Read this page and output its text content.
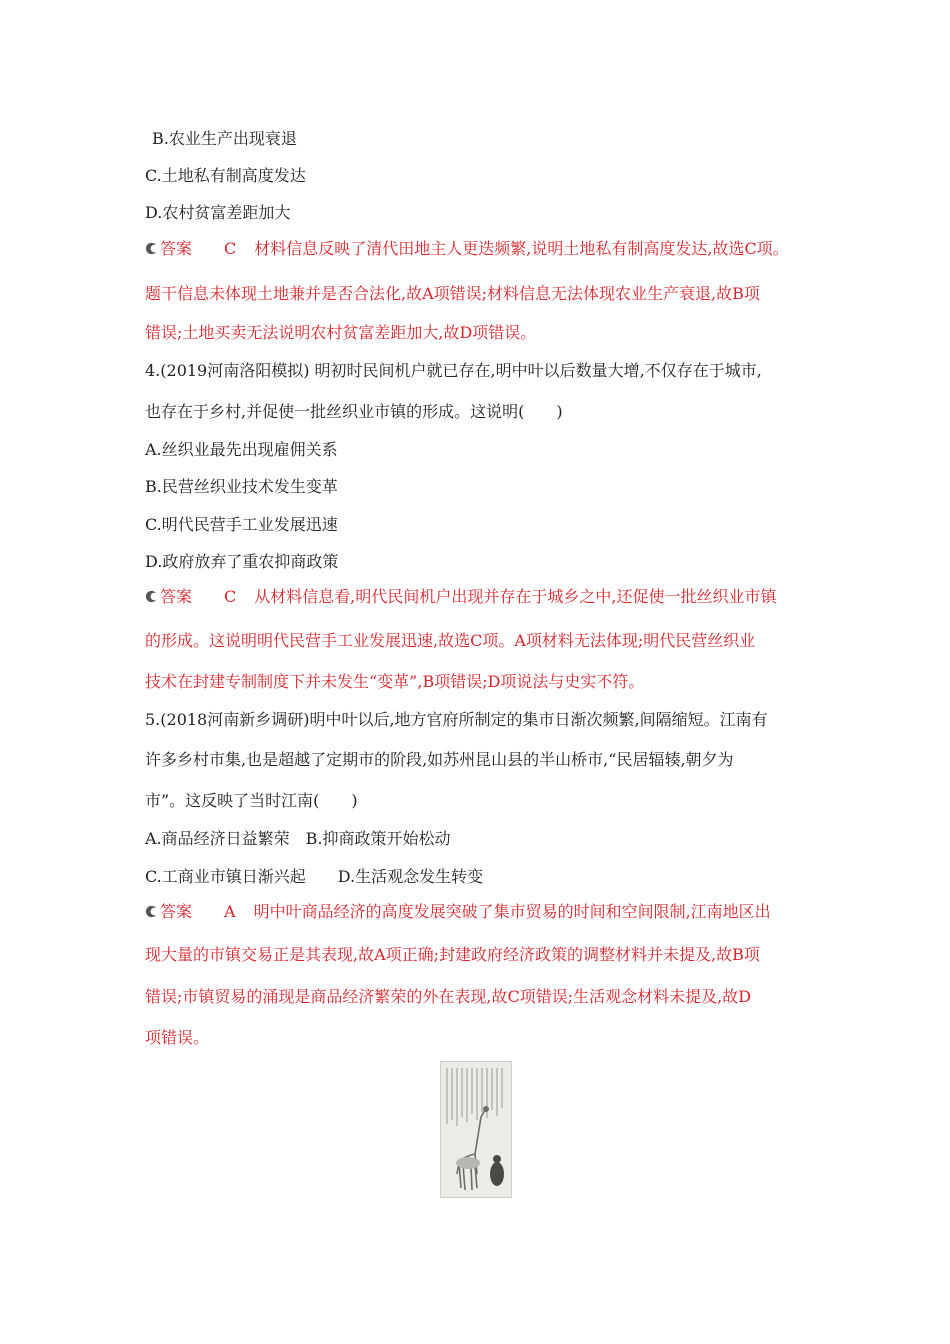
B.农业生产出现衰退
C.土地私有制高度发达
D.农村贫富差距加大
答案 C 材料信息反映了清代田地主人更迭频繁,说明土地私有制高度发达,故选C项。
题干信息未体现土地兼并是否合法化,故A项错误;材料信息无法体现农业生产衰退,故B项
错误;土地买卖无法说明农村贫富差距加大,故D项错误。
4.(2019河南洛阳模拟) 明初时民间机户就已存在,明中叶以后数量大增,不仅存在于城市,
也存在于乡村,并促使一批丝织业市镇的形成。这说明(　　)
A.丝织业最先出现雇佣关系
B.民营丝织业技术发生变革
C.明代民营手工业发展迅速
D.政府放弃了重农抑商政策
答案 C 从材料信息看,明代民间机户出现并存在于城乡之中,还促使一批丝织业市镇
的形成。这说明明代民营手工业发展迅速,故选C项。A项材料无法体现;明代民营丝织业
技术在封建专制制度下并未发生“变革”,B项错误;D项说法与史实不符。
5.(2018河南新乡调研)明中叶以后,地方官府所制定的集市日渐次频繁,间隔缩短。江南有
许多乡村市集,也是超越了定期市的阶段,如苏州昆山县的半山桥市,“民居辐辏,朝夕为
市”。这反映了当时江南(　　)
A.商品经济日益繁荣　B.抑商政策开始松动
C.工商业市镇日渐兴起　　D.生活观念发生转变
答案 A 明中叶商品经济的高度发展突破了集市贸易的时间和空间限制,江南地区出
现大量的市镇交易正是其表现,故A项正确;封建政府经济政策的调整材料并未提及,故B项
错误;市镇贸易的涌现是商品经济繁荣的外在表现,故C项错误;生活观念材料未提及,故D
项错误。
